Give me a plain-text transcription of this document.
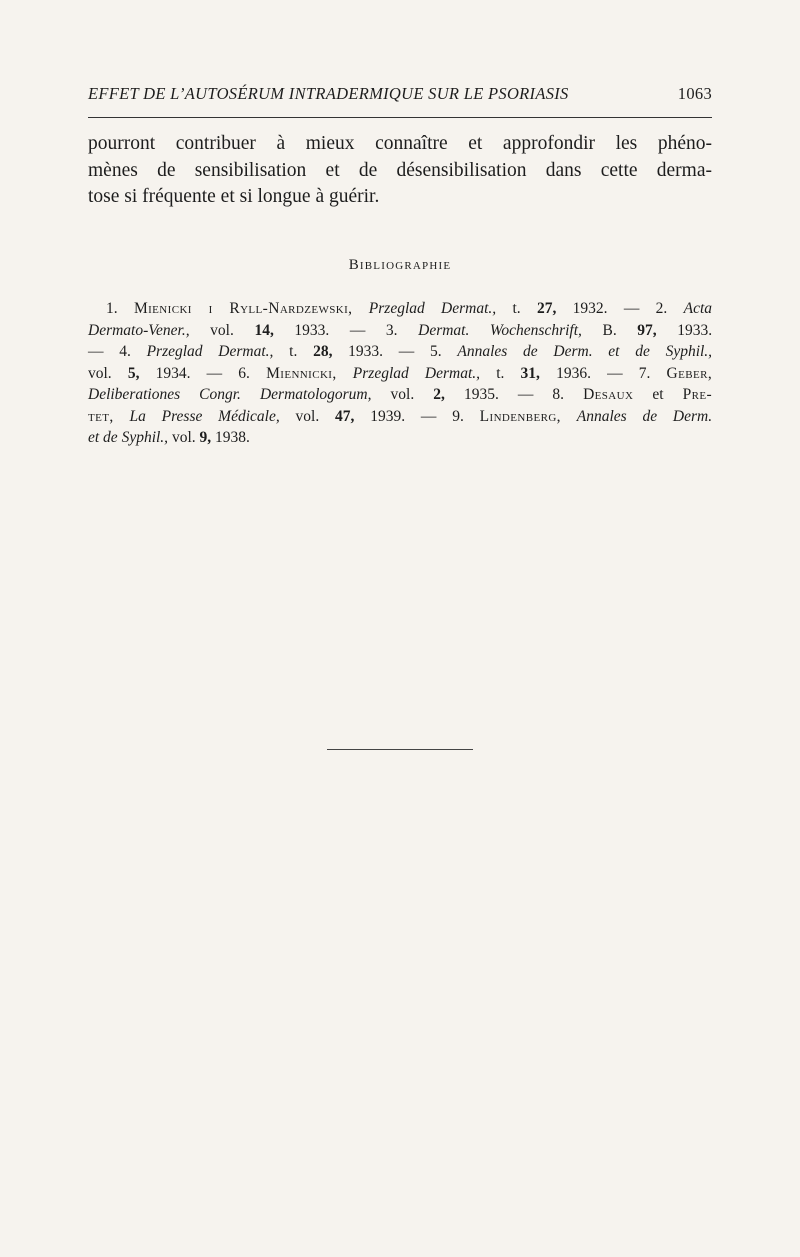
EFFET DE L’AUTOSÉRUM INTRADERMIQUE SUR LE PSORIASIS	1063
pourront contribuer à mieux connaître et approfondir les phéno-
mènes de sensibilisation et de désensibilisation dans cette derma-
tose si fréquente et si longue à guérir.
Bibliographie
1. Mienicki i Ryll-Nardzewski, Przeglad Dermat., t. 27, 1932. — 2. Acta
Dermato-Vener., vol. 14, 1933. — 3. Dermat. Wochenschrift, B. 97, 1933.
— 4. Przeglad Dermat., t. 28, 1933. — 5. Annales de Derm. et de Syphil.,
vol. 5, 1934. — 6. Miennicki, Przeglad Dermat., t. 31, 1936. — 7. Geber,
Deliberationes Congr. Dermatologorum, vol. 2, 1935. — 8. Desaux et Pre-
tet, La Presse Médicale, vol. 47, 1939. — 9. Lindenberg, Annales de Derm.
et de Syphil., vol. 9, 1938.
